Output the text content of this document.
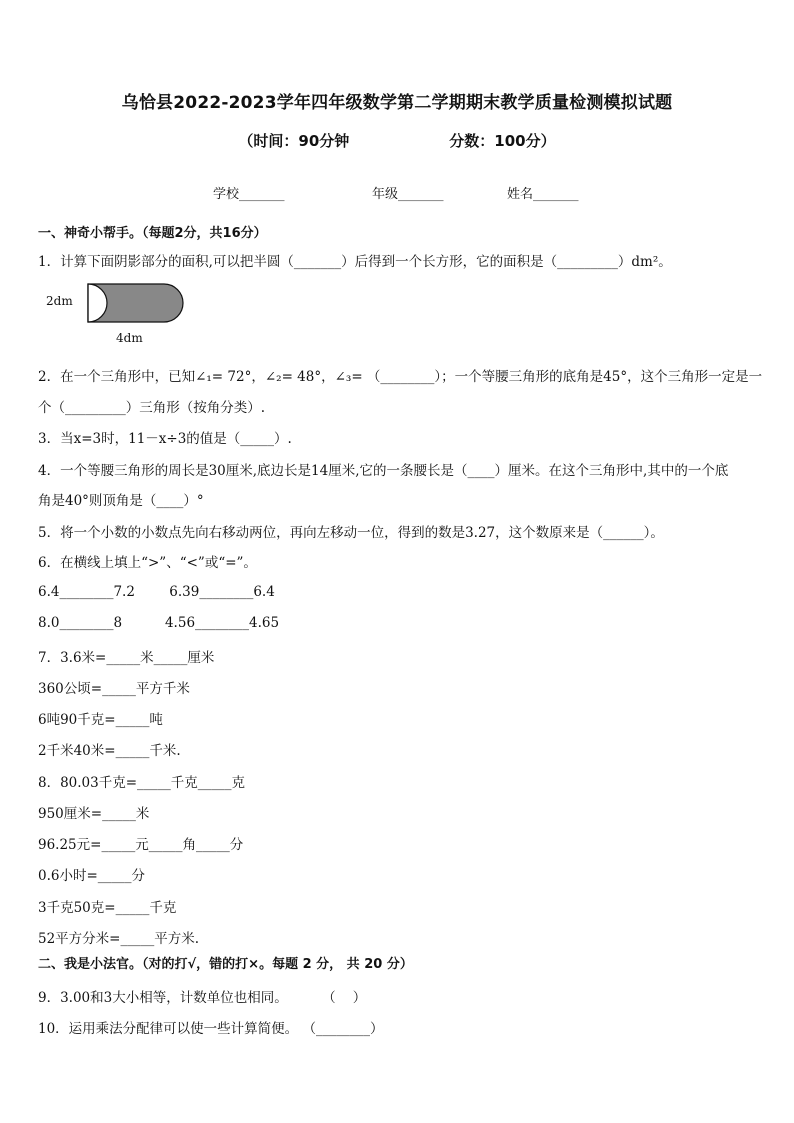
乌恰县2022-2023学年四年级数学第二学期期末教学质量检测模拟试题
（时间：90分钟	分数：100分）
学校_______	年级_______	姓名_______
一、神奇小帮手。（每题2分，共16分）
1．计算下面阴影部分的面积,可以把半圆（_______）后得到一个长方形，它的面积是（_________）dm²。
2dm
4dm
2．在一个三角形中，已知∠₁= 72°，∠₂= 48°，∠₃= （________）；一个等腰三角形的底角是45°，这个三角形一定是一
个（_________）三角形（按角分类）.
3．当x=3时，11－x÷3的值是（_____）.
4．一个等腰三角形的周长是30厘米,底边长是14厘米,它的一条腰长是（____）厘米。在这个三角形中,其中的一个底
角是40°则顶角是（____）°
5．将一个小数的小数点先向右移动两位，再向左移动一位，得到的数是3.27，这个数原来是（______）。
6．在横线上填上“>”、“<”或“=”。
6.4________7.2        6.39________6.4
8.0________8          4.56________4.65
7．3.6米=_____米_____厘米
360公顷=_____平方千米
6吨90千克=_____吨
2千米40米=_____千米.
8．80.03千克=_____千克_____克
950厘米=_____米
96.25元=_____元_____角_____分
0.6小时=_____分
3千克50克=_____千克
52平方分米=_____平方米.
二、我是小法官。（对的打√，错的打×。每题 2 分， 共 20 分）
9．3.00和3大小相等，计数单位也相同。        （    ）
10．运用乘法分配律可以使一些计算简便。 （________）
